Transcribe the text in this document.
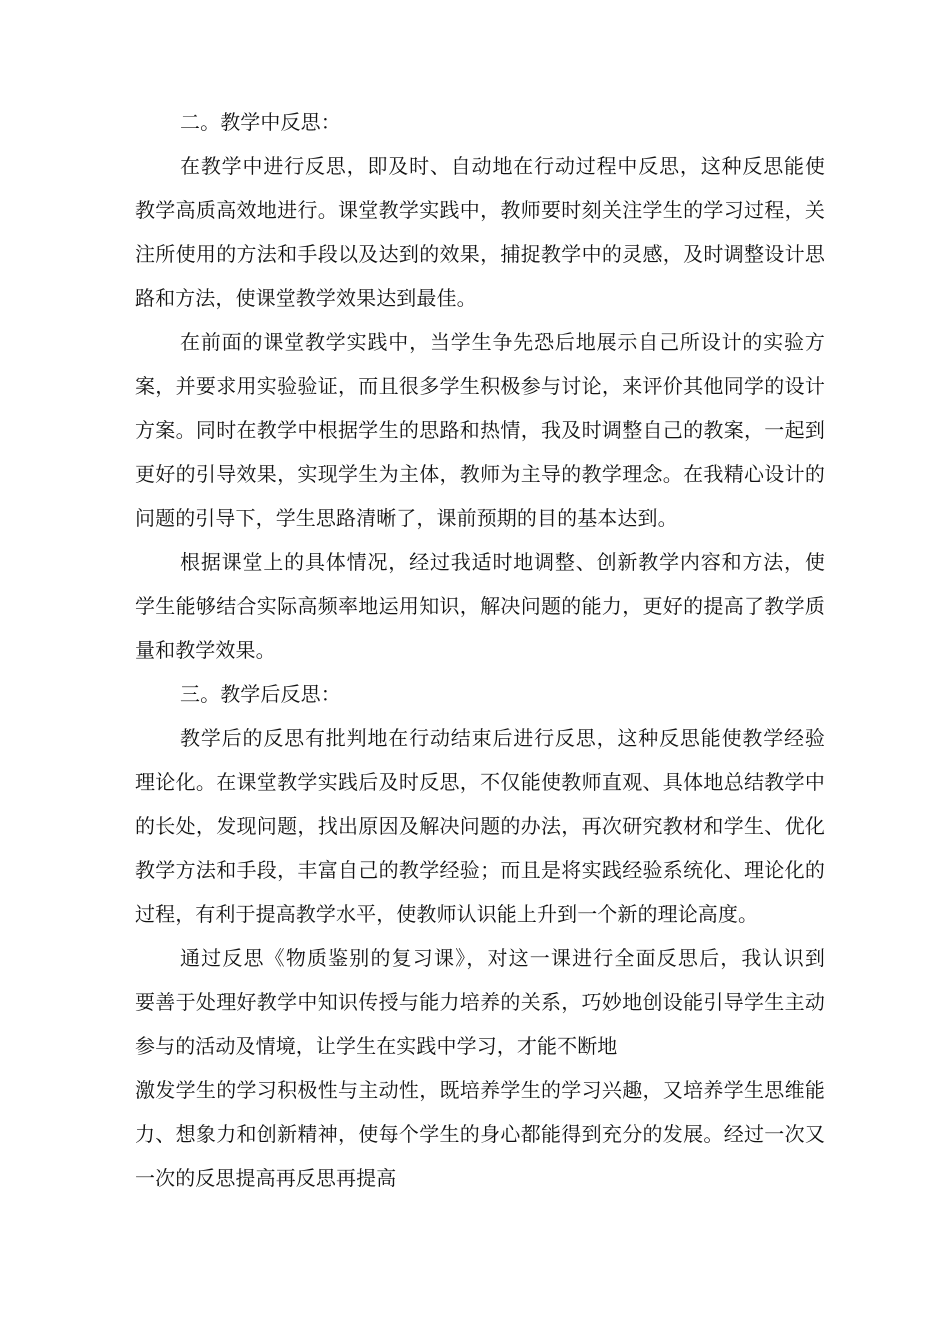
二。教学中反思：
在教学中进行反思，即及时、自动地在行动过程中反思，这种反思能使
教学高质高效地进行。课堂教学实践中，教师要时刻关注学生的学习过程，关
注所使用的方法和手段以及达到的效果，捕捉教学中的灵感，及时调整设计思
路和方法，使课堂教学效果达到最佳。
在前面的课堂教学实践中，当学生争先恐后地展示自己所设计的实验方
案，并要求用实验验证，而且很多学生积极参与讨论，来评价其他同学的设计
方案。同时在教学中根据学生的思路和热情，我及时调整自己的教案，一起到
更好的引导效果，实现学生为主体，教师为主导的教学理念。在我精心设计的
问题的引导下，学生思路清晰了，课前预期的目的基本达到。
根据课堂上的具体情况，经过我适时地调整、创新教学内容和方法，使
学生能够结合实际高频率地运用知识，解决问题的能力，更好的提高了教学质
量和教学效果。
三。教学后反思：
教学后的反思有批判地在行动结束后进行反思，这种反思能使教学经验
理论化。在课堂教学实践后及时反思，不仅能使教师直观、具体地总结教学中
的长处，发现问题，找出原因及解决问题的办法，再次研究教材和学生、优化
教学方法和手段，丰富自己的教学经验；而且是将实践经验系统化、理论化的
过程，有利于提高教学水平，使教师认识能上升到一个新的理论高度。
通过反思《物质鉴别的复习课》，对这一课进行全面反思后，我认识到
要善于处理好教学中知识传授与能力培养的关系，巧妙地创设能引导学生主动
参与的活动及情境，让学生在实践中学习，才能不断地
激发学生的学习积极性与主动性，既培养学生的学习兴趣，又培养学生思维能
力、想象力和创新精神，使每个学生的身心都能得到充分的发展。经过一次又
一次的反思提高再反思再提高
